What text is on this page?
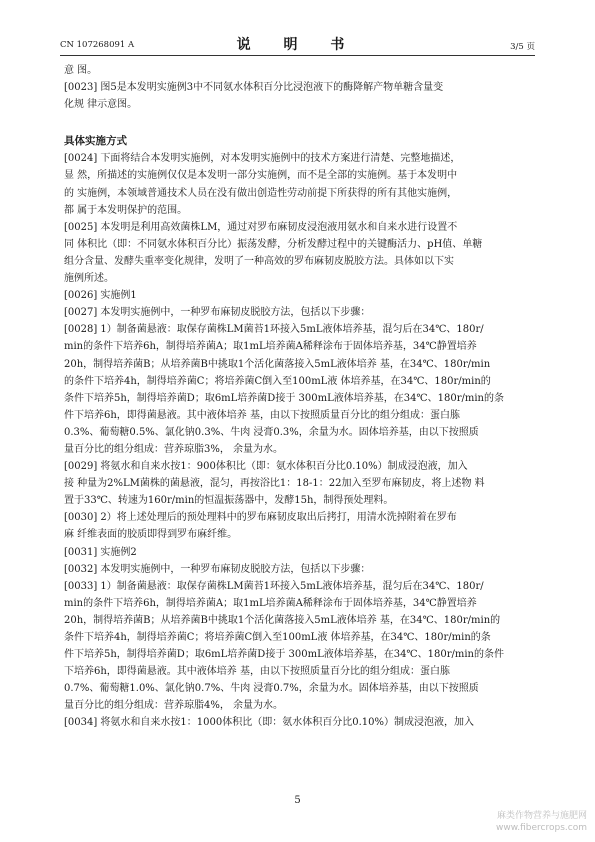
CN 107268091 A	说 明 书	3/5 页
意 图。
[0023] 图5是本发明实施例3中不同氨水体积百分比浸泡液下的酶降解产物单糖含量变
化规 律示意图。
具体实施方式
[0024] 下面将结合本发明实施例，对本发明实施例中的技术方案进行清楚、完整地描述，
显 然，所描述的实施例仅仅是本发明一部分实施例，而不是全部的实施例。基于本发明中
的 实施例，本领域普通技术人员在没有做出创造性劳动前提下所获得的所有其他实施例，
都 属于本发明保护的范围。
[0025] 本发明是利用高效菌株LM，通过对罗布麻韧皮浸泡液用氨水和自来水进行设置不
同 体积比（即：不同氨水体积百分比）振荡发酵，分析发酵过程中的关键酶活力、pH值、单糖
组分含量、发酵失重率变化规律，发明了一种高效的罗布麻韧皮脱胶方法。具体如以下实
施例所述。
[0026] 实施例1
[0027] 本发明实施例中，一种罗布麻韧皮脱胶方法，包括以下步骤：
[0028] 1）制备菌悬液：取保存菌株LM菌苔1环接入5mL液体培养基，混匀后在34℃、180r/
min的条件下培养6h，制得培养菌A；取1mL培养菌A稀释涂布于固体培养基，34℃静置培养
20h，制得培养菌B；从培养菌B中挑取1个活化菌落接入5mL液体培养 基，在34℃、180r/min
的条件下培养4h，制得培养菌C；将培养菌C倒入至100mL液 体培养基，在34℃、180r/min的
条件下培养5h，制得培养菌D；取6mL培养菌D接于 300mL液体培养基，在34℃、180r/min的条
件下培养6h，即得菌悬液。其中液体培养 基，由以下按照质量百分比的组分组成：蛋白胨
0.3%、葡萄糖0.5%、氯化钠0.3%、牛肉 浸膏0.3%，余量为水。固体培养基，由以下按照质
量百分比的组分组成：营养琼脂3%， 余量为水。
[0029] 将氨水和自来水按1：900体积比（即：氨水体积百分比0.10%）制成浸泡液，加入
接 种量为2%LM菌株的菌悬液，混匀，再按浴比1：18-1：22加入至罗布麻韧皮，将上述物 料
置于33℃、转速为160r/min的恒温振荡器中，发酵15h，制得预处理料。
[0030] 2）将上述处理后的预处理料中的罗布麻韧皮取出后拷打，用清水洗掉附着在罗布
麻 纤维表面的胶质即得到罗布麻纤维。
[0031] 实施例2
[0032] 本发明实施例中，一种罗布麻韧皮脱胶方法，包括以下步骤：
[0033] 1）制备菌悬液：取保存菌株LM菌苔1环接入5mL液体培养基，混匀后在34℃、180r/
min的条件下培养6h，制得培养菌A；取1mL培养菌A稀释涂布于固体培养基，34℃静置培养
20h，制得培养菌B；从培养菌B中挑取1个活化菌落接入5mL液体培养 基，在34℃、180r/min的
条件下培养4h，制得培养菌C；将培养菌C倒入至100mL液 体培养基，在34℃、180r/min的条
件下培养5h，制得培养菌D；取6mL培养菌D接于 300mL液体培养基，在34℃、180r/min的条件
下培养6h，即得菌悬液。其中液体培养 基，由以下按照质量百分比的组分组成：蛋白胨
0.7%、葡萄糖1.0%、氯化钠0.7%、牛肉 浸膏0.7%，余量为水。固体培养基，由以下按照质
量百分比的组分组成：营养琼脂4%， 余量为水。
[0034] 将氨水和自来水按1：1000体积比（即：氨水体积百分比0.10%）制成浸泡液，加入
5
麻类作物营养与施肥网
www.fibercrops.com
